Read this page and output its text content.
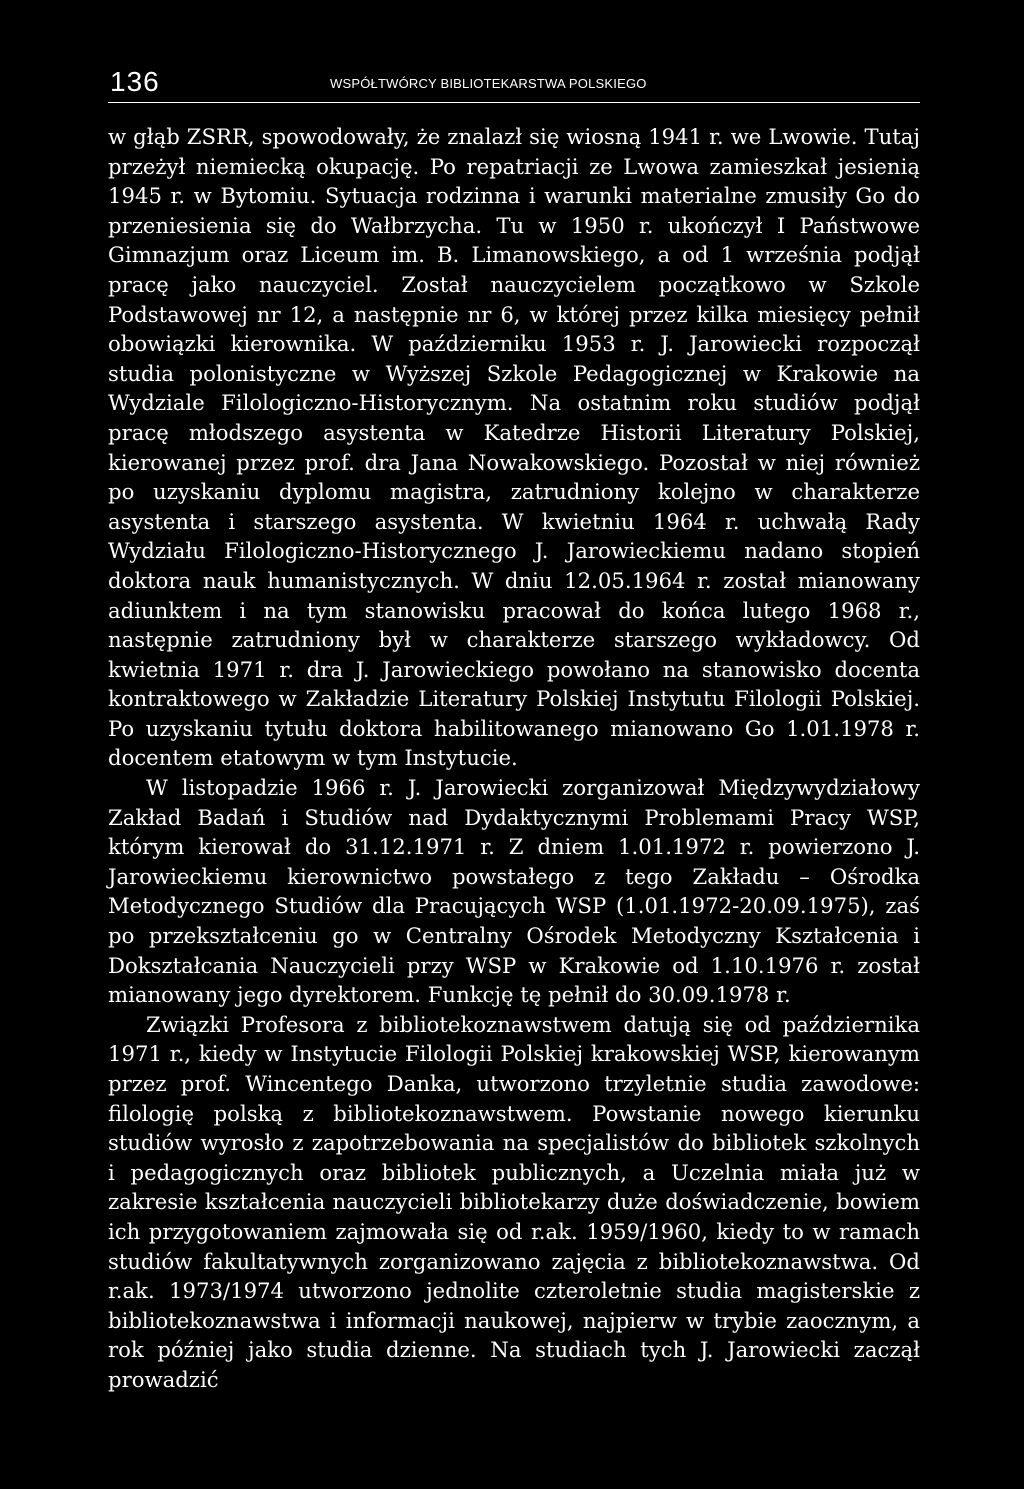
136	WSPÓŁTWÓRCY BIBLIOTEKARSTWA POLSKIEGO

w głąb ZSRR, spowodowały, że znalazł się wiosną 1941 r. we Lwowie. Tutaj przeżył niemiecką okupację. Po repatriacji ze Lwowa zamieszkał jesienią 1945 r. w Bytomiu. Sytuacja rodzinna i warunki materialne zmusiły Go do przeniesienia się do Wałbrzycha. Tu w 1950 r. ukończył I Państwowe Gimnazjum oraz Liceum im. B. Limanowskiego, a od 1 września podjął pracę jako nauczyciel. Został nauczycielem początkowo w Szkole Podstawowej nr 12, a następnie nr 6, w której przez kilka miesięcy pełnił obowiązki kierownika. W październiku 1953 r. J. Jarowiecki rozpoczął studia polonistyczne w Wyższej Szkole Pedagogicznej w Krakowie na Wydziale Filologiczno-Historycznym. Na ostatnim roku studiów podjął pracę młodszego asystenta w Katedrze Historii Literatury Polskiej, kierowanej przez prof. dra Jana Nowakowskiego. Pozostał w niej również po uzyskaniu dyplomu magistra, zatrudniony kolejno w charakterze asystenta i starszego asystenta. W kwietniu 1964 r. uchwałą Rady Wydziału Filologiczno-Historycznego J. Jarowieckiemu nadano stopień doktora nauk humanistycznych. W dniu 12.05.1964 r. został mianowany adiunktem i na tym stanowisku pracował do końca lutego 1968 r., następnie zatrudniony był w charakterze starszego wykładowcy. Od kwietnia 1971 r. dra J. Jarowieckiego powołano na stanowisko docenta kontraktowego w Zakładzie Literatury Polskiej Instytutu Filologii Polskiej. Po uzyskaniu tytułu doktora habilitowanego mianowano Go 1.01.1978 r. docentem etatowym w tym Instytucie.

W listopadzie 1966 r. J. Jarowiecki zorganizował Międzywydziałowy Zakład Badań i Studiów nad Dydaktycznymi Problemami Pracy WSP, którym kierował do 31.12.1971 r. Z dniem 1.01.1972 r. powierzono J. Jarowieckiemu kierownictwo powstałego z tego Zakładu – Ośrodka Metodycznego Studiów dla Pracujących WSP (1.01.1972-20.09.1975), zaś po przekształceniu go w Centralny Ośrodek Metodyczny Kształcenia i Dokształcania Nauczycieli przy WSP w Krakowie od 1.10.1976 r. został mianowany jego dyrektorem. Funkcję tę pełnił do 30.09.1978 r.

Związki Profesora z bibliotekoznawstwem datują się od października 1971 r., kiedy w Instytucie Filologii Polskiej krakowskiej WSP, kierowanym przez prof. Wincentego Danka, utworzono trzyletnie studia zawodowe: filologię polską z bibliotekoznawstwem. Powstanie nowego kierunku studiów wyrosło z zapotrzebowania na specjalistów do bibliotek szkolnych i pedagogicznych oraz bibliotek publicznych, a Uczelnia miała już w zakresie kształcenia nauczycieli bibliotekarzy duże doświadczenie, bowiem ich przygotowaniem zajmowała się od r.ak. 1959/1960, kiedy to w ramach studiów fakultatywnych zorganizowano zajęcia z bibliotekoznawstwa. Od r.ak. 1973/1974 utworzono jednolite czteroletnie studia magisterskie z bibliotekoznawstwa i informacji naukowej, najpierw w trybie zaocznym, a rok później jako studia dzienne. Na studiach tych J. Jarowiecki zaczął prowadzić
